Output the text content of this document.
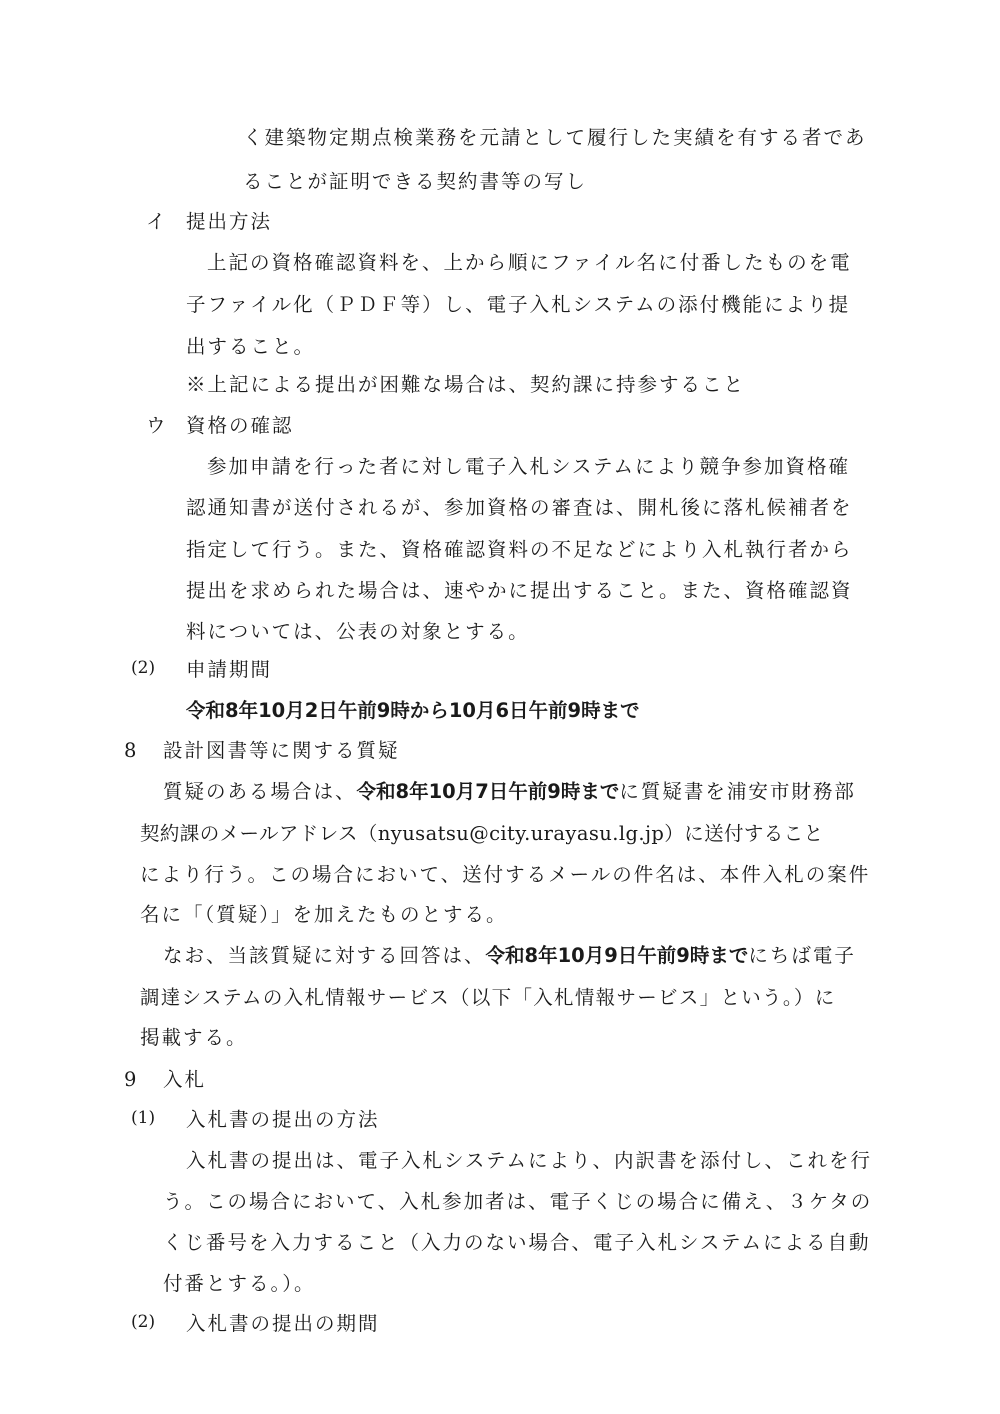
く建築物定期点検業務を元請として履行した実績を有する者であ
ることが証明できる契約書等の写し
イ 提出方法
上記の資格確認資料を、上から順にファイル名に付番したものを電
子ファイル化（ＰＤＦ等）し、電子入札システムの添付機能により提
出すること。
※上記による提出が困難な場合は、契約課に持参すること
ウ 資格の確認
参加申請を行った者に対し電子入札システムにより競争参加資格確
認通知書が送付されるが、参加資格の審査は、開札後に落札候補者を
指定して行う。また、資格確認資料の不足などにより入札執行者から
提出を求められた場合は、速やかに提出すること。また、資格確認資
料については、公表の対象とする。
(2) 申請期間
令和8年10月2日午前9時から10月6日午前9時まで
8 設計図書等に関する質疑
質疑のある場合は、令和8年10月7日午前9時までに質疑書を浦安市財務部
契約課のメールアドレス（nyusatsu@city.urayasu.lg.jp）に送付すること
により行う。この場合において、送付するメールの件名は、本件入札の案件
名に「（質疑）」を加えたものとする。
なお、当該質疑に対する回答は、令和8年10月9日午前9時までにちば電子
調達システムの入札情報サービス（以下「入札情報サービス」という。）に
掲載する。
9 入札
(1) 入札書の提出の方法
入札書の提出は、電子入札システムにより、内訳書を添付し、これを行
う。この場合において、入札参加者は、電子くじの場合に備え、３ケタの
くじ番号を入力すること（入力のない場合、電子入札システムによる自動
付番とする。）。
(2) 入札書の提出の期間
